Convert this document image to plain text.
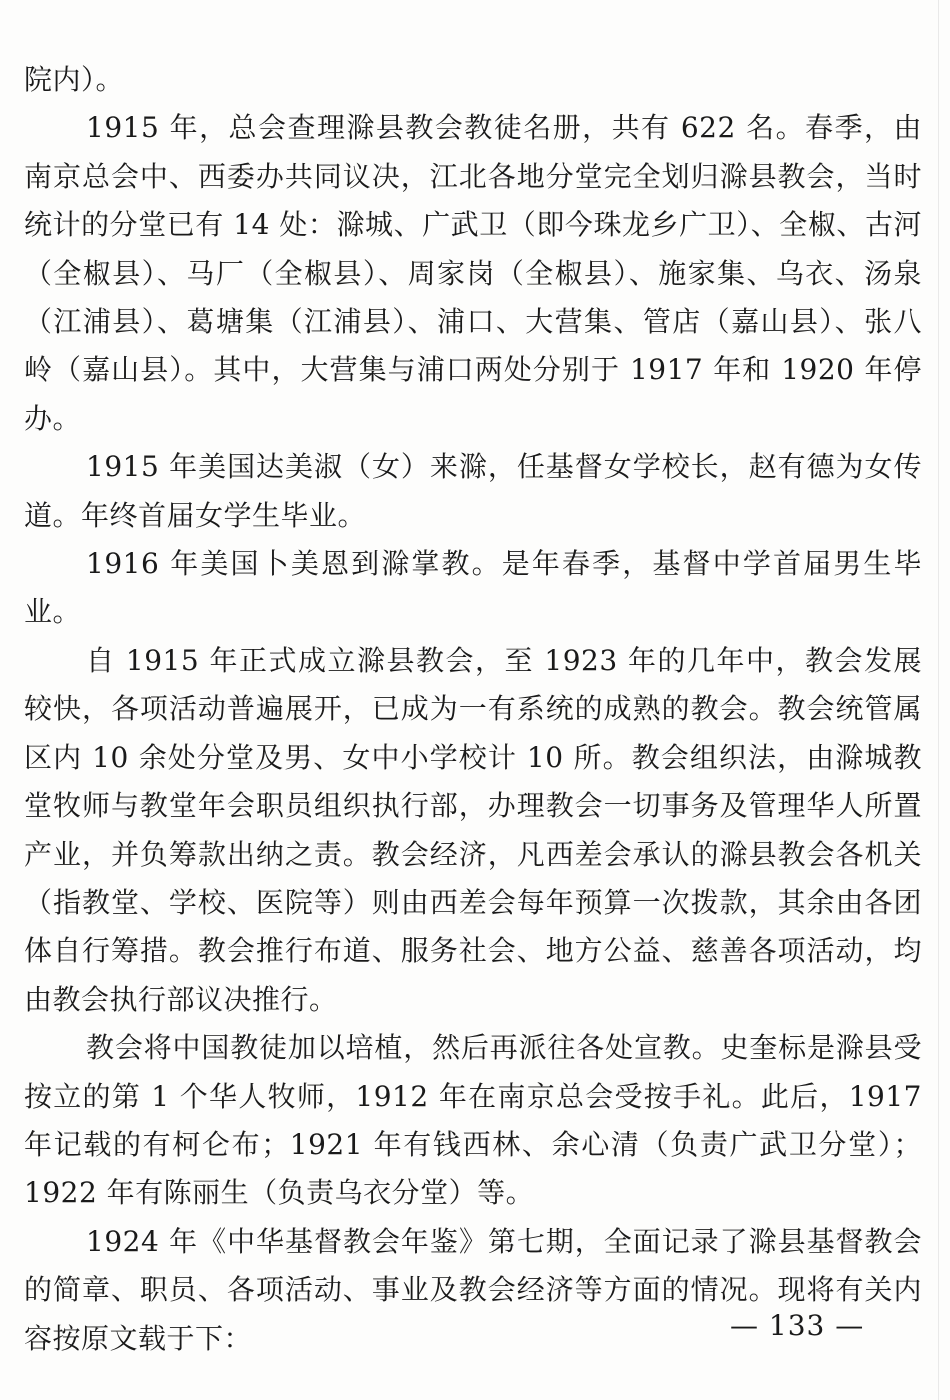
院内）。

1915 年，总会查理滁县教会教徒名册，共有 622 名。春季，由南京总会中、西委办共同议决，江北各地分堂完全划归滁县教会，当时统计的分堂已有 14 处：滁城、广武卫（即今珠龙乡广卫）、全椒、古河（全椒县）、马厂（全椒县）、周家岗（全椒县）、施家集、乌衣、汤泉（江浦县）、葛塘集（江浦县）、浦口、大营集、管店（嘉山县）、张八岭（嘉山县）。其中，大营集与浦口两处分别于 1917 年和 1920 年停办。

1915 年美国达美淑（女）来滁，任基督女学校长，赵有德为女传道。年终首届女学生毕业。

1916 年美国卜美恩到滁掌教。是年春季，基督中学首届男生毕业。

自 1915 年正式成立滁县教会，至 1923 年的几年中，教会发展较快，各项活动普遍展开，已成为一有系统的成熟的教会。教会统管属区内 10 余处分堂及男、女中小学校计 10 所。教会组织法，由滁城教堂牧师与教堂年会职员组织执行部，办理教会一切事务及管理华人所置产业，并负筹款出纳之责。教会经济，凡西差会承认的滁县教会各机关（指教堂、学校、医院等）则由西差会每年预算一次拨款，其余由各团体自行筹措。教会推行布道、服务社会、地方公益、慈善各项活动，均由教会执行部议决推行。

教会将中国教徒加以培植，然后再派往各处宣教。史奎标是滁县受按立的第 1 个华人牧师，1912 年在南京总会受按手礼。此后，1917 年记载的有柯仑布；1921 年有钱西林、余心清（负责广武卫分堂）；1922 年有陈丽生（负责乌衣分堂）等。

1924 年《中华基督教会年鉴》第七期，全面记录了滁县基督教会的简章、职员、各项活动、事业及教会经济等方面的情况。现将有关内容按原文载于下：	— 133 —
